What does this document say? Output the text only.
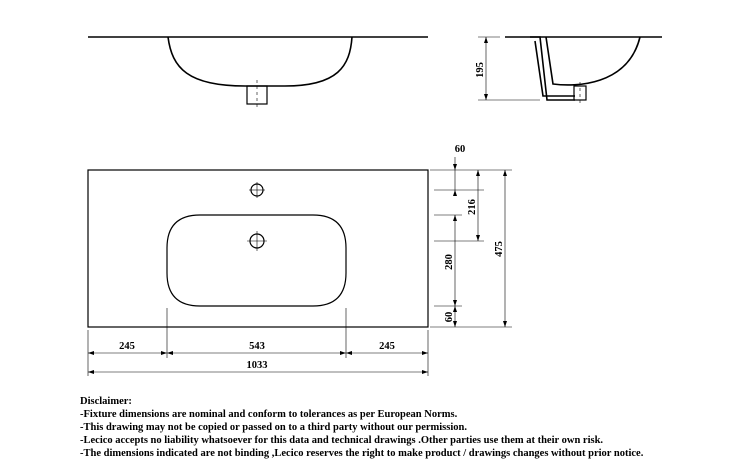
195
60
216
280
60
475
245	543	245
1033
Disclaimer:
-Fixture dimensions are nominal and conform to tolerances as per European Norms.
-This drawing may not be copied or passed on to a third party without our permission.
-Lecico accepts no liability whatsoever for this data and technical drawings .Other parties use them at their own risk.
-The dimensions indicated are not binding ,Lecico reserves the right to make product / drawings changes without prior notice.
